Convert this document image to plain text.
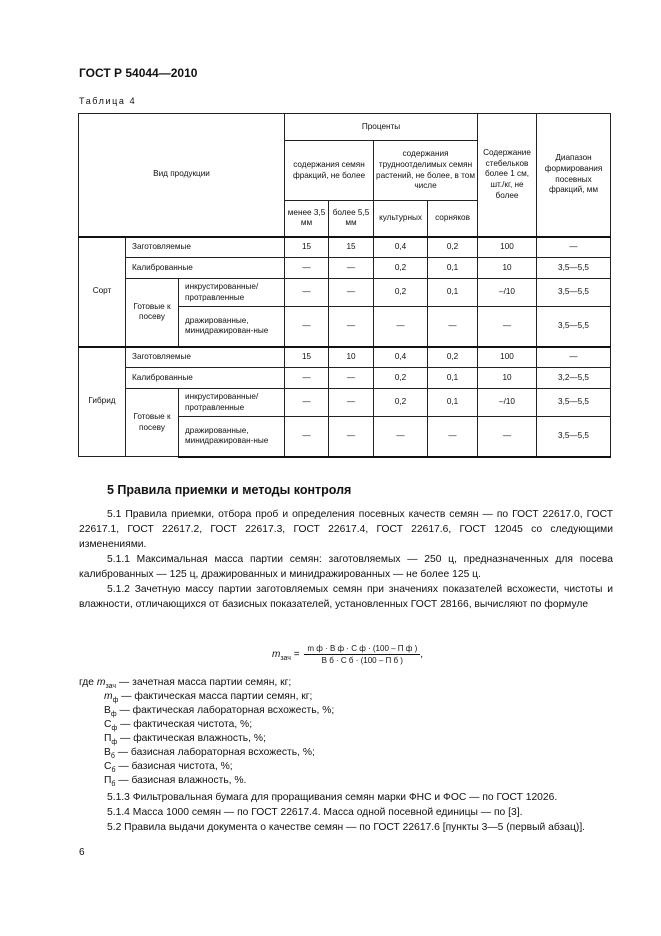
ГОСТ Р 54044—2010
Таблица 4
Вид продукции			Проценты				Содержание стебельков более 1 см, шт./кг, не более	Диапазон формирования посевных фракций, мм
			содержания семян фракций, не более		содержания трудноотделимых семян растений, не более, в том числе			
			менее 3,5 мм	более 5,5 мм	культурных	сорняков		
Сорт	Заготовляемые		15	15	0,4	0,2	100	—
	Калиброванные		—	—	0,2	0,1	10	3,5—5,5
	Готовые к посеву	инкрустированные/ протравленные	—	—	0,2	0,1	–/10	3,5—5,5
		дражированные, минидражирован-ные	—	—	—	—	—	3,5—5,5
Гибрид	Заготовляемые		15	10	0,4	0,2	100	—
	Калиброванные		—	—	0,2	0,1	10	3,2—5,5
	Готовые к посеву	инкрустированные/ протравленные	—	—	0,2	0,1	–/10	3,5—5,5
		дражированные, минидражирован-ные	—	—	—	—	—	3,5—5,5
5 Правила приемки и методы контроля
5.1 Правила приемки, отбора проб и определения посевных качеств семян — по ГОСТ 22617.0, ГОСТ 22617.1, ГОСТ 22617.2, ГОСТ 22617.3, ГОСТ 22617.4, ГОСТ 22617.6, ГОСТ 12045 со следующими изменениями.
5.1.1 Максимальная масса партии семян: заготовляемых — 250 ц, предназначенных для посева калиброванных — 125 ц, дражированных и минидражированных — не более 125 ц.
5.1.2 Зачетную массу партии заготовляемых семян при значениях показателей всхожести, чистоты и влажности, отличающихся от базисных показателей, установленных ГОСТ 28166, вычисляют по формуле
$m_{зач} = \frac{\text{m ф · В ф · С ф · (100 – П ф )}}{\text{В б · С б · (100 – П б )}}$ ,
где $m_{зач}$ — зачетная масса партии семян, кг;
$m_ф$ — фактическая масса партии семян, кг;
$В_ф$ — фактическая лабораторная всхожесть, %;
$С_ф$ — фактическая чистота, %;
$П_ф$ — фактическая влажность, %;
$В_б$ — базисная лабораторная всхожесть, %;
$С_б$ — базисная чистота, %;
$П_б$ — базисная влажность, %.
5.1.3 Фильтровальная бумага для проращивания семян марки ФНС и ФОС — по ГОСТ 12026.
5.1.4 Масса 1000 семян — по ГОСТ 22617.4. Масса одной посевной единицы — по [3].
5.2 Правила выдачи документа о качестве семян — по ГОСТ 22617.6 [пункты 3—5 (первый абзац)].
6
